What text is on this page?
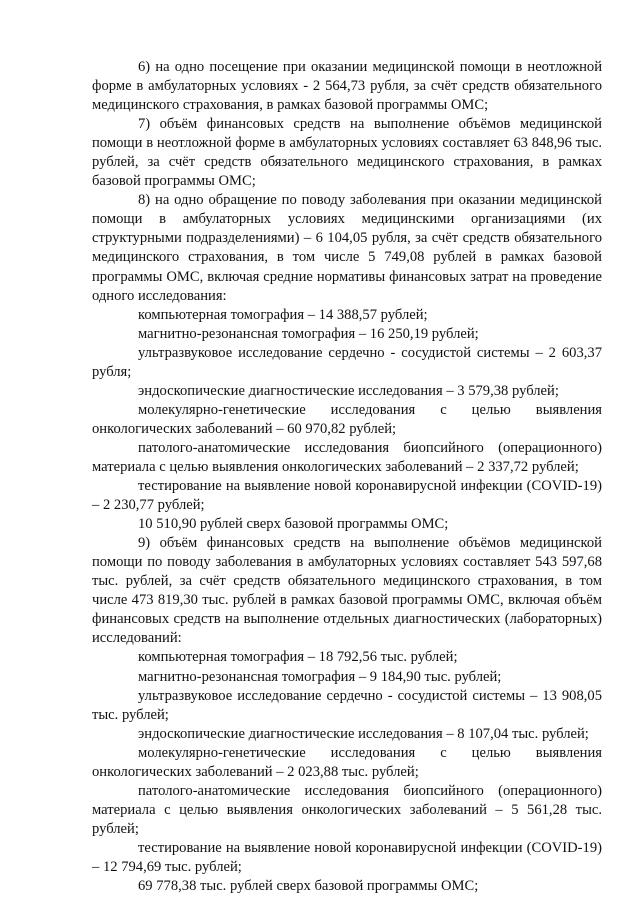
6) на одно посещение при оказании медицинской помощи в неотложной форме в амбулаторных условиях - 2 564,73 рубля, за счёт средств обязательного медицинского страхования, в рамках базовой программы ОМС;

7) объём финансовых средств на выполнение объёмов медицинской помощи в неотложной форме в амбулаторных условиях составляет 63 848,96 тыс. рублей, за счёт средств обязательного медицинского страхования, в рамках базовой программы ОМС;

8) на одно обращение по поводу заболевания при оказании медицинской помощи в амбулаторных условиях медицинскими организациями (их структурными подразделениями) – 6 104,05 рубля, за счёт средств обязательного медицинского страхования, в том числе 5 749,08 рублей в рамках базовой программы ОМС, включая средние нормативы финансовых затрат на проведение одного исследования:

компьютерная томография – 14 388,57 рублей;

магнитно-резонансная томография – 16 250,19 рублей;

ультразвуковое исследование сердечно - сосудистой системы – 2 603,37 рубля;

эндоскопические диагностические исследования – 3 579,38 рублей;

молекулярно-генетические исследования с целью выявления онкологических заболеваний – 60 970,82 рублей;

патолого-анатомические исследования биопсийного (операционного) материала с целью выявления онкологических заболеваний – 2 337,72 рублей;

тестирование на выявление новой коронавирусной инфекции (COVID-19) – 2 230,77 рублей;

10 510,90 рублей сверх базовой программы ОМС;

9) объём финансовых средств на выполнение объёмов медицинской помощи по поводу заболевания в амбулаторных условиях составляет 543 597,68 тыс. рублей, за счёт средств обязательного медицинского страхования, в том числе 473 819,30 тыс. рублей в рамках базовой программы ОМС, включая объём финансовых средств на выполнение отдельных диагностических (лабораторных) исследований:

компьютерная томография – 18 792,56 тыс. рублей;

магнитно-резонансная томография – 9 184,90 тыс. рублей;

ультразвуковое исследование сердечно - сосудистой системы – 13 908,05 тыс. рублей;

эндоскопические диагностические исследования – 8 107,04 тыс. рублей;

молекулярно-генетические исследования с целью выявления онкологических заболеваний – 2 023,88 тыс. рублей;

патолого-анатомические исследования биопсийного (операционного) материала с целью выявления онкологических заболеваний – 5 561,28 тыс. рублей;

тестирование на выявление новой коронавирусной инфекции (COVID-19) – 12 794,69 тыс. рублей;

69 778,38 тыс. рублей сверх базовой программы ОМС;
